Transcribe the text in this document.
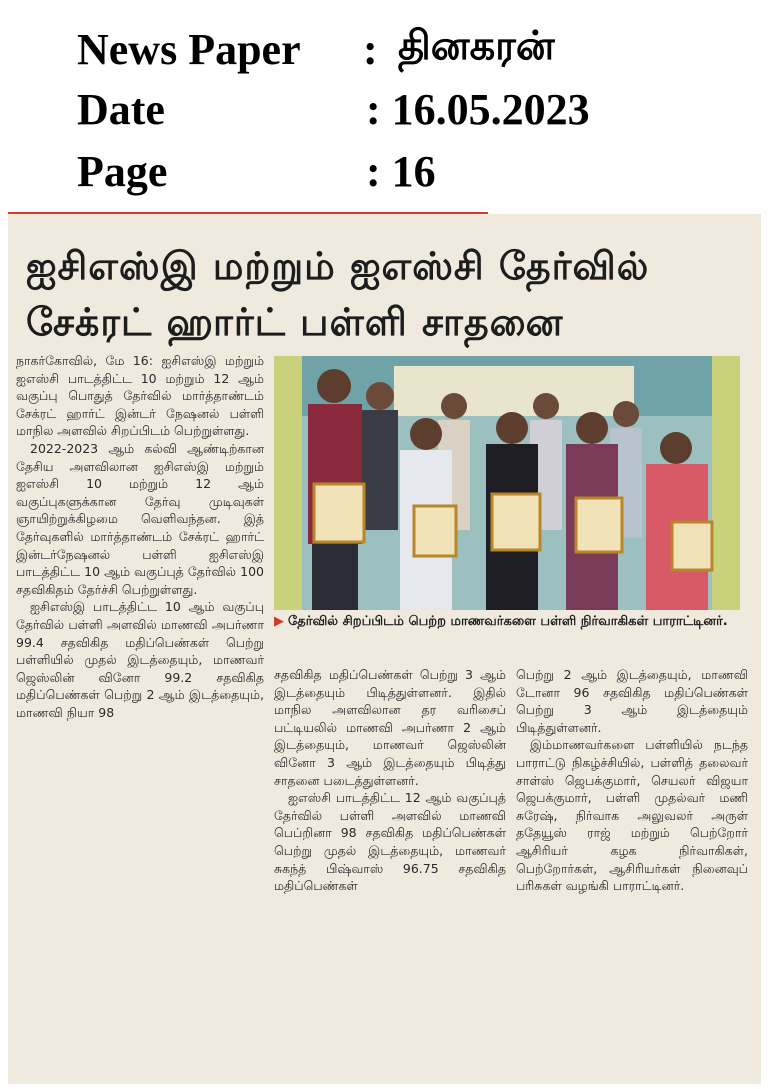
News Paper : தினகரன்
Date	: 16.05.2023
Page	: 16
ஐசிஎஸ்இ மற்றும் ஐஎஸ்சி தேர்வில்
சேக்ரட் ஹார்ட் பள்ளி சாதனை

நாகர்கோவில், மே 16: ஐசிஎஸ்இ மற்றும் ஐஎஸ்சி பாடத்திட்ட 10 மற்றும் 12 ஆம் வகுப்பு பொதுத் தேர்வில் மார்த்தாண்டம் சேக்ரட் ஹார்ட் இன்டர் நேஷனல் பள்ளி மாநில அளவில் சிறப்பிடம் பெற்றுள்ளது.

2022-2023 ஆம் கல்வி ஆண்டிற்கான தேசிய அளவிலான ஐசிஎஸ்இ மற்றும் ஐஎஸ்சி 10 மற்றும் 12 ஆம் வகுப்புகளுக்கான தேர்வு முடிவுகள் ஞாயிற்றுக்கிழமை வெளிவந்தன. இத் தேர்வுகளில் மார்த்தாண்டம் சேக்ரட் ஹார்ட் இன்டர்நேஷனல் பள்ளி ஐசிஎஸ்இ பாடத்திட்ட 10 ஆம் வகுப்புத் தேர்வில் 100 சதவிகிதம் தேர்ச்சி பெற்றுள்ளது.

ஐசிஎஸ்இ பாடத்திட்ட 10 ஆம் வகுப்பு தேர்வில் பள்ளி அளவில் மாணவி அபர்ணா 99.4 சதவிகித மதிப்பெண்கள் பெற்று பள்ளியில் முதல் இடத்தையும், மாணவர் ஜெஸ்லின் வினோ 99.2 சதவிகித மதிப்பெண்கள் பெற்று 2 ஆம் இடத்தையும், மாணவி நியா 98

சதவிகித மதிப்பெண்கள் பெற்று 3 ஆம் இடத்தையும் பிடித்துள்ளனர். இதில் மாநில அளவிலான தர வரிசைப் பட்டியலில் மாணவி அபர்ணா 2 ஆம் இடத்தையும், மாணவர் ஜெஸ்லின் வினோ 3 ஆம் இடத்தையும் பிடித்து சாதனை படைத்துள்ளனர்.

ஐஎஸ்சி பாடத்திட்ட 12 ஆம் வகுப்புத் தேர்வில் பள்ளி அளவில் மாணவி பெப்றினா 98 சதவிகித மதிப்பெண்கள் பெற்று முதல் இடத்தையும், மாணவர் சுகந்த் பிஷ்வாஸ் 96.75 சதவிகித மதிப்பெண்கள்

பெற்று 2 ஆம் இடத்தையும், மாணவி டோனா 96 சதவிகித மதிப்பெண்கள் பெற்று 3 ஆம் இடத்தையும் பிடித்துள்ளனர்.

இம்மாணவர்களை பள்ளியில் நடந்த பாராட்டு நிகழ்ச்சியில், பள்ளித் தலைவர் சாள்ஸ் ஜெபக்குமார், செயலர் விஜயா ஜெபக்குமார், பள்ளி முதல்வர் மணி சுரேஷ், நிர்வாக அலுவலர் அருள் ததேயூஸ் ராஜ் மற்றும் பெற்றோர் ஆசிரியர் கழக நிர்வாகிகள், பெற்றோர்கள், ஆசிரியர்கள் நினைவுப் பரிசுகள் வழங்கி பாராட்டினர்.

▶ தேர்வில் சிறப்பிடம் பெற்ற மாணவர்களை பள்ளி நிர்வாகிகள் பாராட்டினர்.
